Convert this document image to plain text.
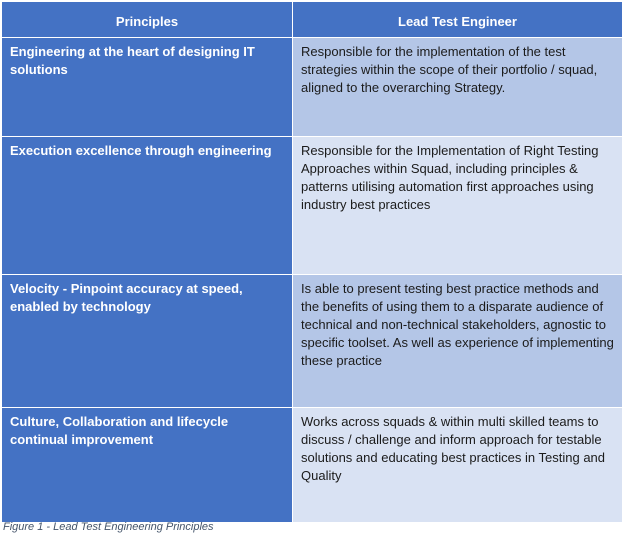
Principles	Lead Test Engineer
Engineering at the heart of designing IT solutions	Responsible for the implementation of the test strategies within the scope of their portfolio / squad, aligned to the overarching Strategy.
Execution excellence through engineering	Responsible for the Implementation of Right Testing Approaches within Squad, including principles & patterns utilising automation first approaches using industry best practices
Velocity - Pinpoint accuracy at speed, enabled by technology	Is able to present testing best practice methods and the benefits of using them to a disparate audience of technical and non-technical stakeholders, agnostic to specific toolset. As well as experience of implementing these practice
Culture, Collaboration and lifecycle continual improvement	Works across squads & within multi skilled teams to discuss / challenge and inform approach for testable solutions and educating best practices in Testing and Quality
Figure 1 - Lead Test Engineering Principles
